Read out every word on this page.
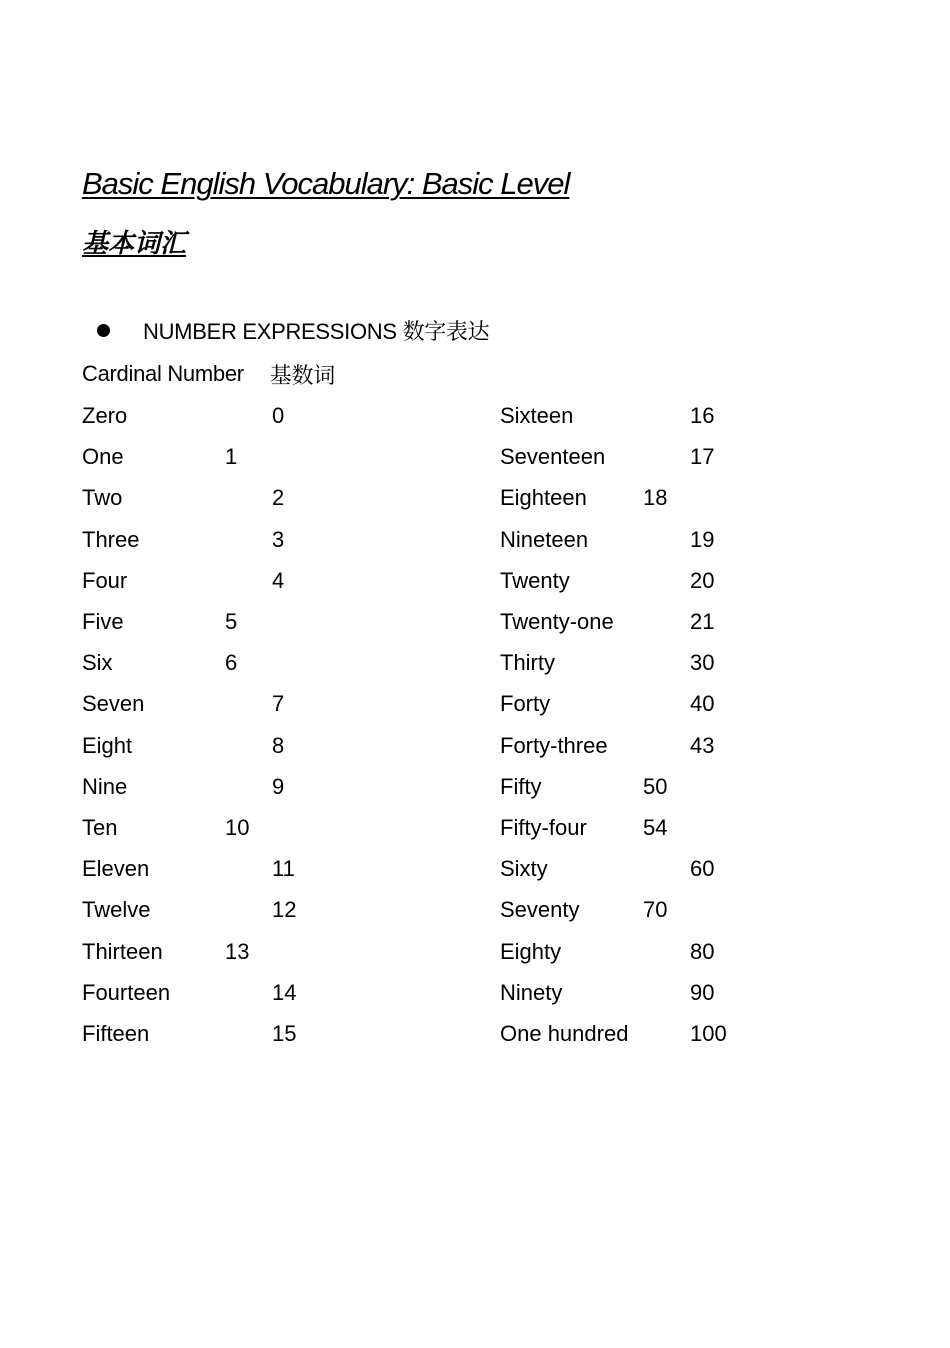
Basic English Vocabulary: Basic Level
基本词汇
NUMBER EXPRESSIONS 数字表达
Cardinal Number 基数词
Zero	0
One	1
Two	2
Three	3
Four	4
Five	5
Six	6
Seven	7
Eight	8
Nine	9
Ten	10
Eleven	11
Twelve	12
Thirteen	13
Fourteen	14
Fifteen	15
Sixteen	16
Seventeen	17
Eighteen	18
Nineteen	19
Twenty	20
Twenty-one	21
Thirty	30
Forty	40
Forty-three	43
Fifty	50
Fifty-four	54
Sixty	60
Seventy	70
Eighty	80
Ninety	90
One hundred	100
